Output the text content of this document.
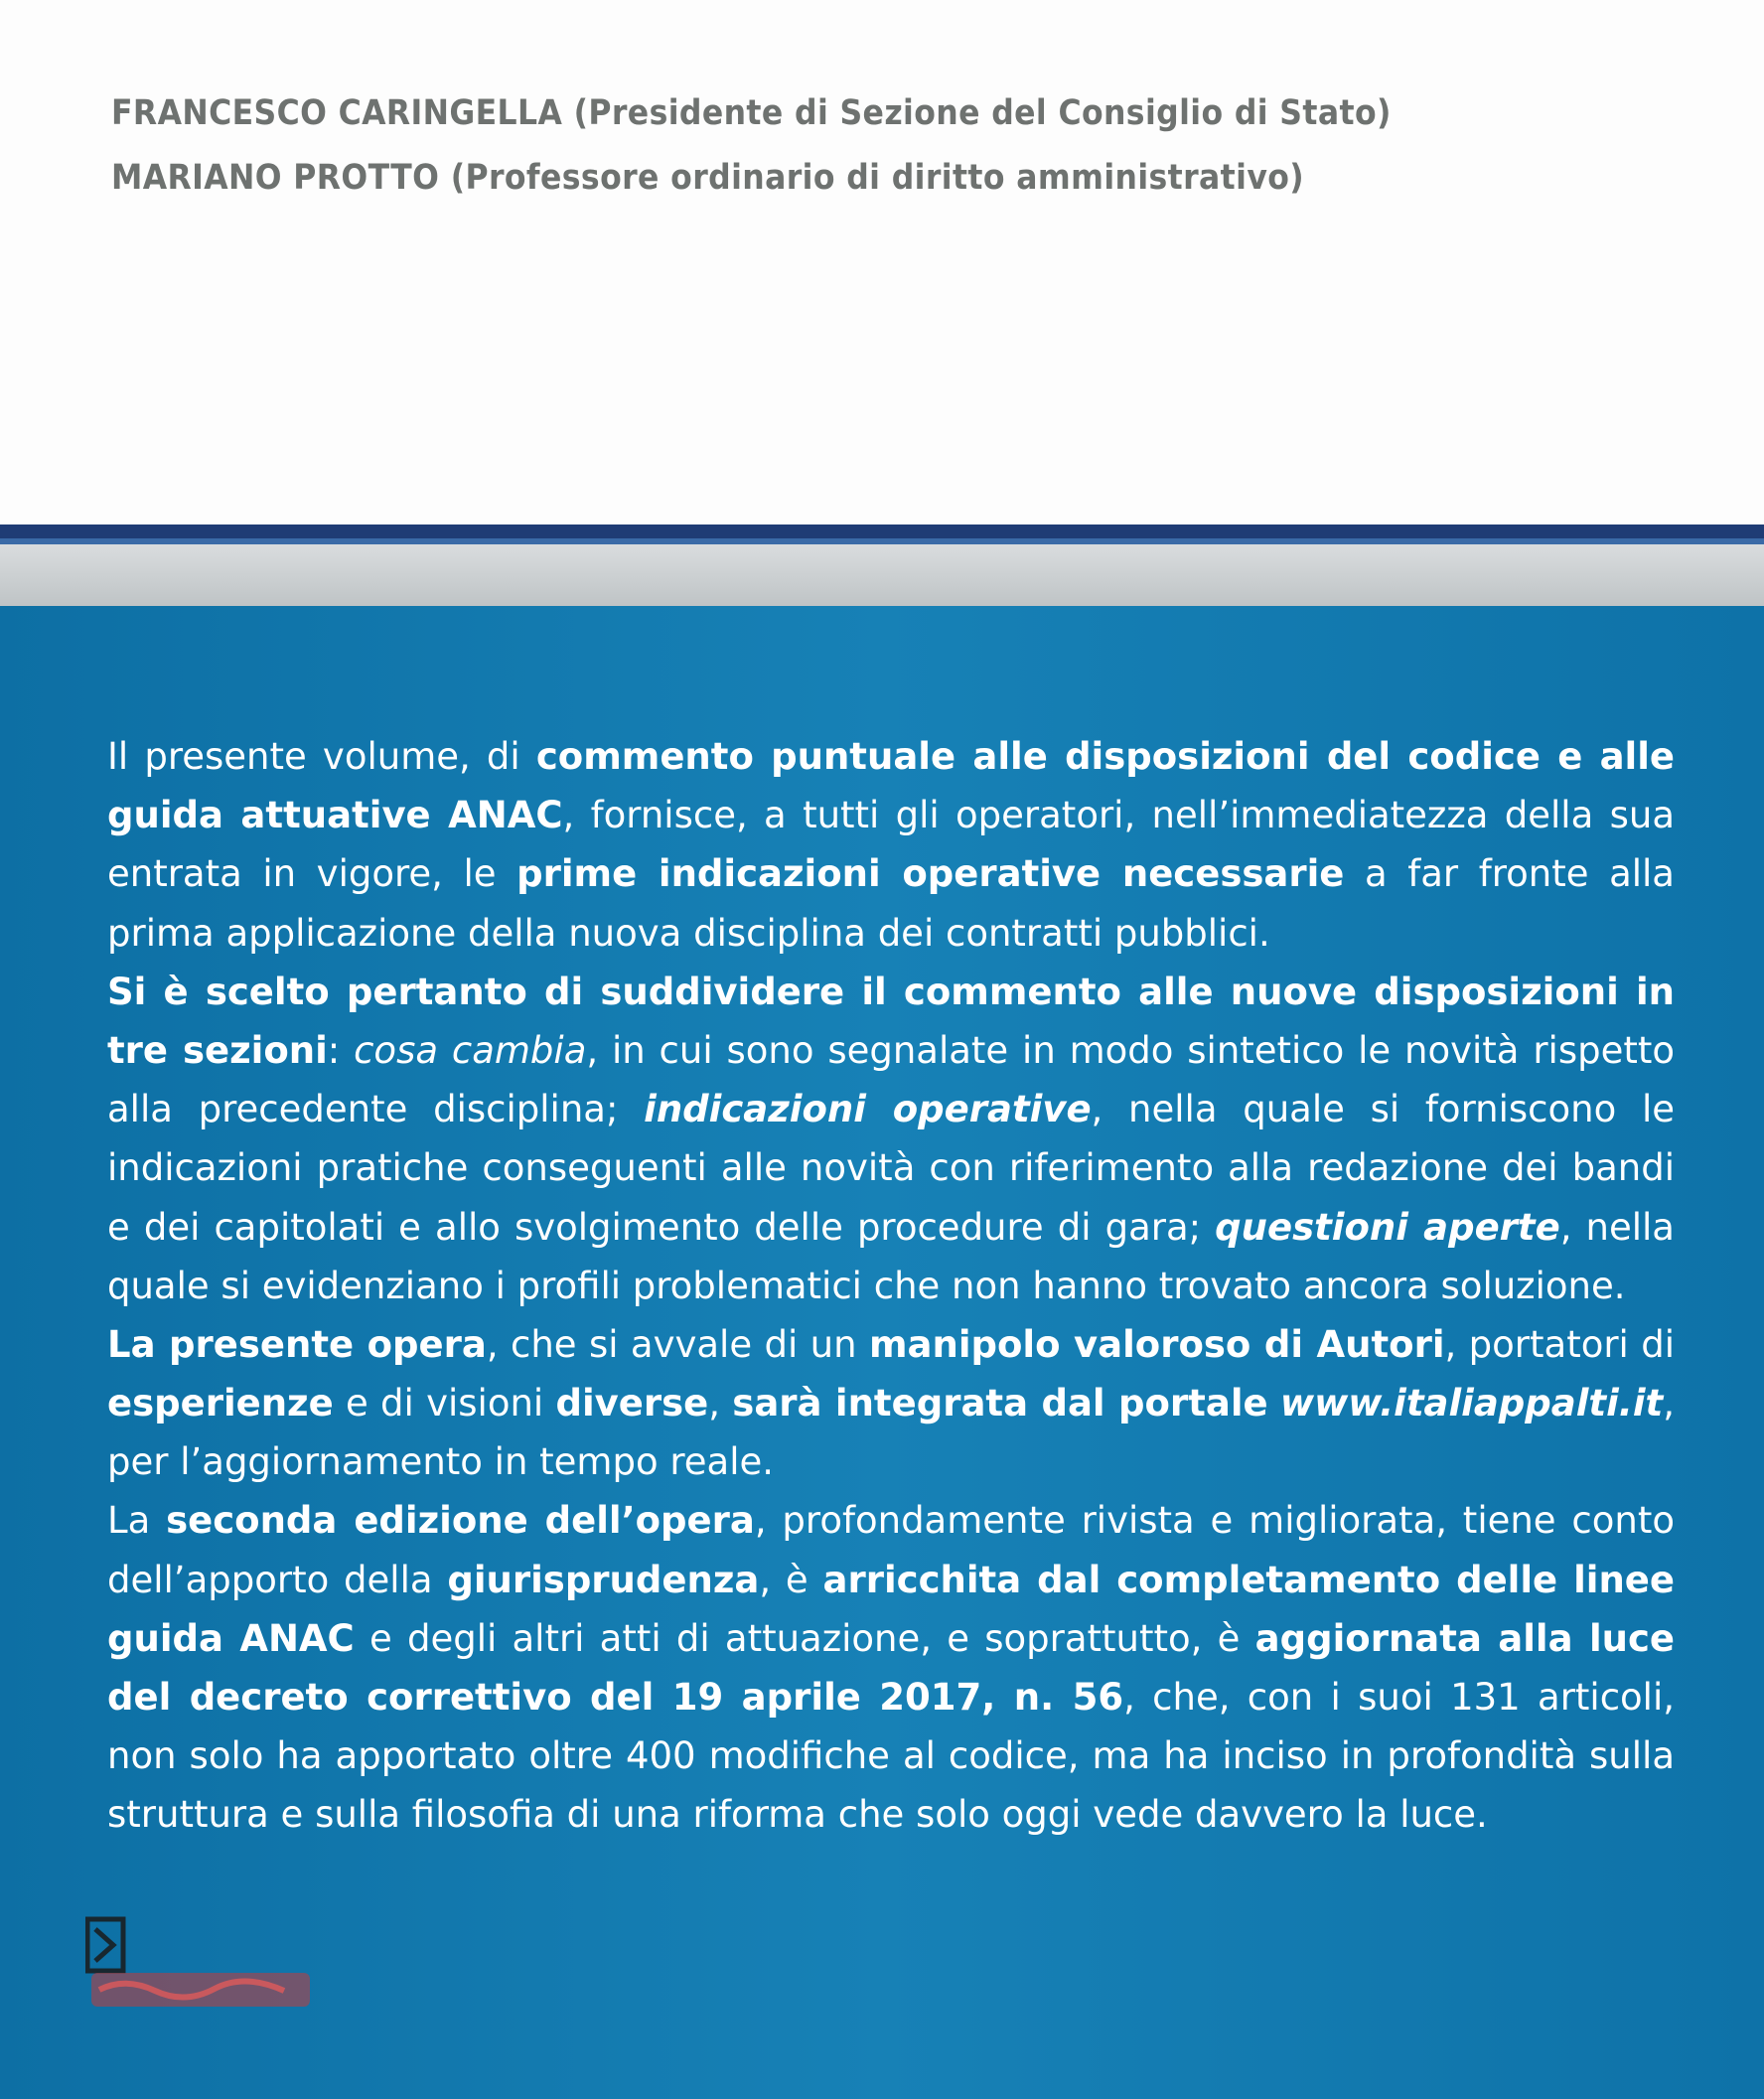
FRANCESCO CARINGELLA (Presidente di Sezione del Consiglio di Stato)
MARIANO PROTTO (Professore ordinario di diritto amministrativo)

Il presente volume, di commento puntuale alle disposizioni del codice e alle guida attuative ANAC, fornisce, a tutti gli operatori, nell’immediatezza della sua entrata in vigore, le prime indicazioni operative necessarie a far fronte alla prima applicazione della nuova disciplina dei contratti pubblici.

Si è scelto pertanto di suddividere il commento alle nuove disposizioni in tre sezioni: cosa cambia, in cui sono segnalate in modo sintetico le novità rispetto alla precedente disciplina; indicazioni operative, nella quale si forniscono le indicazioni pratiche conseguenti alle novità con riferimento alla redazione dei bandi e dei capitolati e allo svolgimento delle procedure di gara; questioni aperte, nella quale si evidenziano i profili problematici che non hanno trovato ancora soluzione.

La presente opera, che si avvale di un manipolo valoroso di Autori, portatori di esperienze e di visioni diverse, sarà integrata dal portale www.italiappalti.it, per l’aggiornamento in tempo reale.

La seconda edizione dell’opera, profondamente rivista e migliorata, tiene conto dell’apporto della giurisprudenza, è arricchita dal completamento delle linee guida ANAC e degli altri atti di attuazione, e soprattutto, è aggiornata alla luce del decreto correttivo del 19 aprile 2017, n. 56, che, con i suoi 131 articoli, non solo ha apportato oltre 400 modifiche al codice, ma ha inciso in profondità sulla struttura e sulla filosofia di una riforma che solo oggi vede davvero la luce.
